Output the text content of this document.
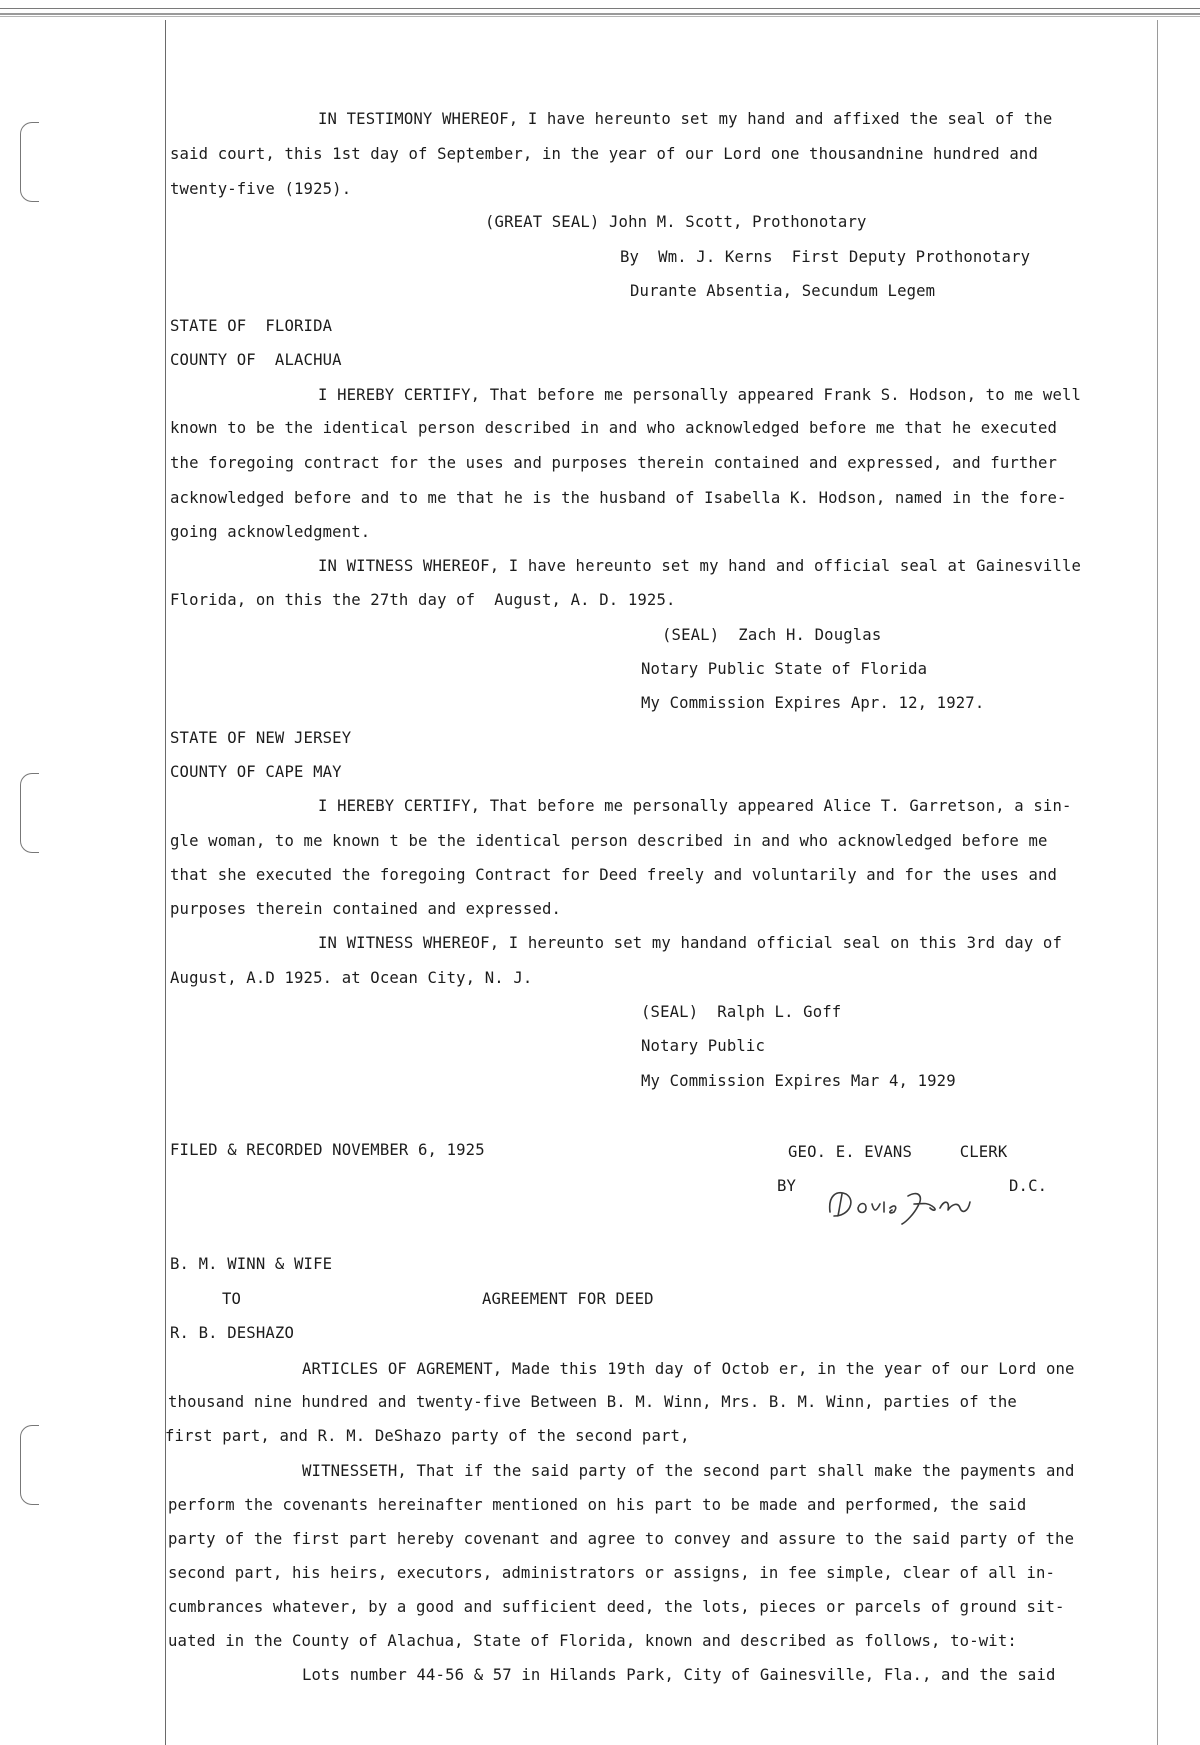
IN TESTIMONY WHEREOF, I have hereunto set my hand and affixed the seal of the
said court, this 1st day of September, in the year of our Lord one thousandnine hundred and
twenty-five (1925).
(GREAT SEAL) John M. Scott, Prothonotary
By  Wm. J. Kerns  First Deputy Prothonotary
Durante Absentia, Secundum Legem
STATE OF  FLORIDA
COUNTY OF  ALACHUA
I HEREBY CERTIFY, That before me personally appeared Frank S. Hodson, to me well
known to be the identical person described in and who acknowledged before me that he executed
the foregoing contract for the uses and purposes therein contained and expressed, and further
acknowledged before and to me that he is the husband of Isabella K. Hodson, named in the fore-
going acknowledgment.
IN WITNESS WHEREOF, I have hereunto set my hand and official seal at Gainesville
Florida, on this the 27th day of  August, A. D. 1925.
(SEAL)  Zach H. Douglas
Notary Public State of Florida
My Commission Expires Apr. 12, 1927.
STATE OF NEW JERSEY
COUNTY OF CAPE MAY
I HEREBY CERTIFY, That before me personally appeared Alice T. Garretson, a sin-
gle woman, to me known t be the identical person described in and who acknowledged before me
that she executed the foregoing Contract for Deed freely and voluntarily and for the uses and
purposes therein contained and expressed.
IN WITNESS WHEREOF, I hereunto set my handand official seal on this 3rd day of
August, A.D 1925. at Ocean City, N. J.
(SEAL)  Ralph L. Goff
Notary Public
My Commission Expires Mar 4, 1929
FILED & RECORDED NOVEMBER 6, 1925	GEO. E. EVANS     CLERK
BY	D.C.
B. M. WINN & WIFE
TO	AGREEMENT FOR DEED
R. B. DESHAZO
ARTICLES OF AGREMENT, Made this 19th day of Octob er, in the year of our Lord one
thousand nine hundred and twenty-five Between B. M. Winn, Mrs. B. M. Winn, parties of the
first part, and R. M. DeShazo party of the second part,
WITNESSETH, That if the said party of the second part shall make the payments and
perform the covenants hereinafter mentioned on his part to be made and performed, the said
party of the first part hereby covenant and agree to convey and assure to the said party of the
second part, his heirs, executors, administrators or assigns, in fee simple, clear of all in-
cumbrances whatever, by a good and sufficient deed, the lots, pieces or parcels of ground sit-
uated in the County of Alachua, State of Florida, known and described as follows, to-wit:
Lots number 44-56 & 57 in Hilands Park, City of Gainesville, Fla., and the said
